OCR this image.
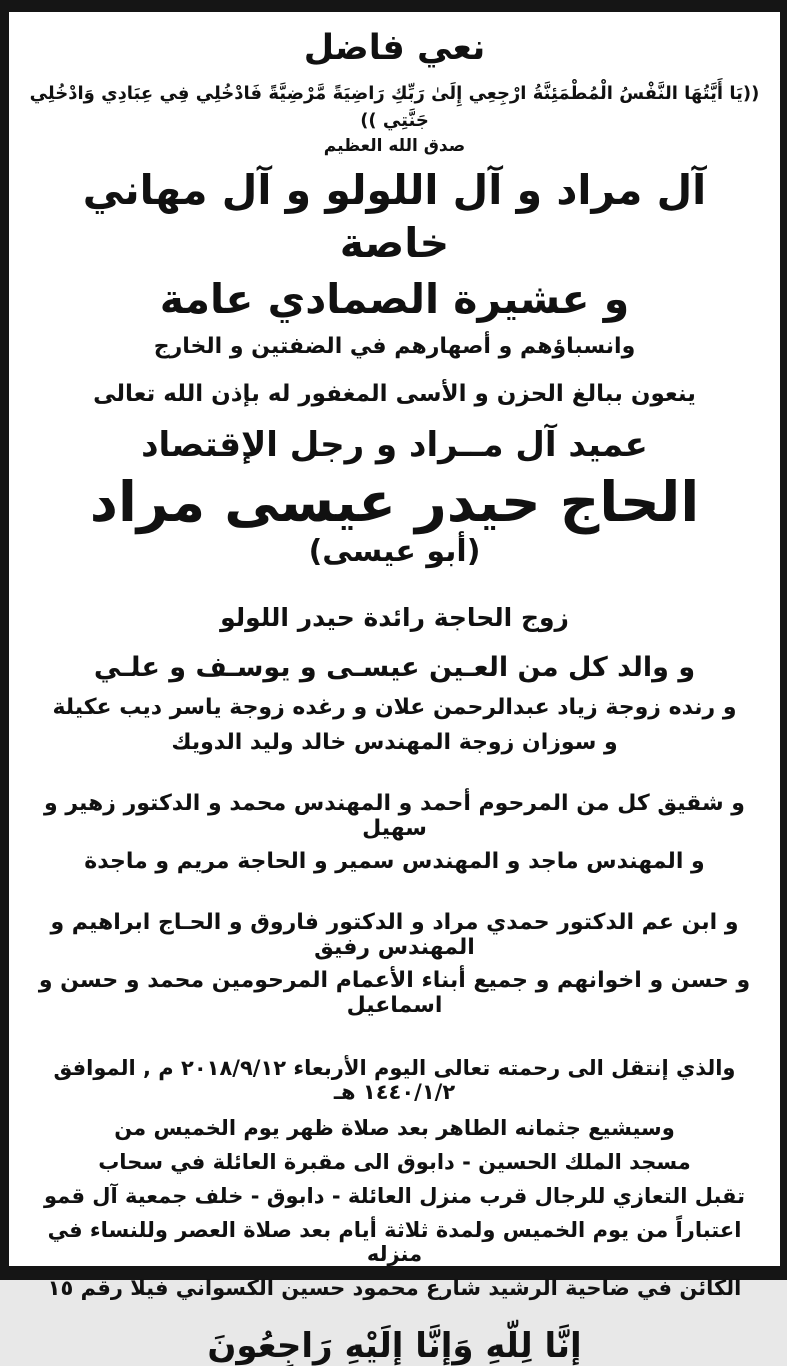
نعي فاضل
((يَا أَيَّتُهَا النَّفْسُ الْمُطْمَئِنَّةُ ارْجِعِي إِلَىٰ رَبِّكِ رَاضِيَةً مَّرْضِيَّةً فَادْخُلِي فِي عِبَادِي وَادْخُلِي جَنَّتِي ))
صدق الله العظيم
آل مراد و آل اللولو و آل مهاني خاصة
و عشيرة الصمادي عامة
وانسباؤهم و أصهارهم في الضفتين و الخارج
ينعون ببالغ الحزن و الأسى المغفور له بإذن الله تعالى
عميد آل مــراد و رجل الإقتصاد
الحاج حيدر عيسى مراد
(أبو عيسى)
زوج الحاجة رائدة حيدر اللولو
و والد كل من العـين عيسـى و يوسـف و علـي
و رنده زوجة زياد عبدالرحمن علان و رغده زوجة ياسر ديب عكيلة
و سوزان زوجة المهندس خالد وليد الدويك
و شقيق كل من المرحوم أحمد و المهندس محمد و الدكتور زهير و سهيل
و المهندس ماجد و المهندس سمير و الحاجة مريم و ماجدة
و ابن عم الدكتور حمدي مراد و الدكتور فاروق و الحـاج ابراهيم و المهندس رفيق
و حسن و اخوانهم و جميع أبناء الأعمام المرحومين محمد و حسن و اسماعيل
والذي إنتقل الى رحمته تعالى اليوم الأربعاء ٢٠١٨/٩/١٢ م , الموافق ١٤٤٠/١/٢ هـ
وسيشيع جثمانه الطاهر بعد صلاة ظهر يوم الخميس من
مسجد الملك الحسين - دابوق الى مقبرة العائلة في سحاب
تقبل التعازي للرجال قرب منزل العائلة - دابوق - خلف جمعية آل قمو
اعتباراً من يوم الخميس ولمدة ثلاثة أيام بعد صلاة العصر وللنساء في منزله
الكائن في ضاحية الرشيد شارع محمود حسين الكسواني فيلا رقم ١٥
إِنَّا لِلّهِ وَإِنَّا إِلَيْهِ رَاجِعُونَ
